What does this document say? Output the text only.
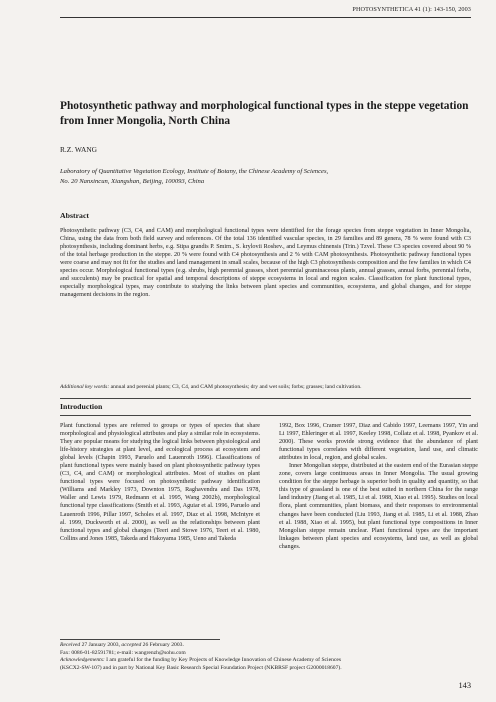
PHOTOSYNTHETICA 41 (1): 143-150, 2003
Photosynthetic pathway and morphological functional types in the steppe vegetation from Inner Mongolia, North China
R.Z. WANG
Laboratory of Quantitative Vegetation Ecology, Institute of Botany, the Chinese Academy of Sciences,
No. 20 Nanxincun, Xiangshan, Beijing, 100093, China
Abstract

Photosynthetic pathway (C3, C4, and CAM) and morphological functional types were identified for the forage species from steppe vegetation in Inner Mongolia, China, using the data from both field survey and references. Of the total 136 identified vascular species, in 29 families and 89 genera, 78 % were found with C3 photosynthesis, including dominant herbs, e.g. Stipa grandis P. Smirn., S. krylovii Roshev., and Leymus chinensis (Trin.) Tzvel. These C3 species covered about 90 % of the total herbage production in the steppe. 20 % were found with C4 photosynthesis and 2 % with CAM photosynthesis. Photosynthetic pathway functional types were coarse and may not fit for the studies and land management in small scales, because of the high C3 photosynthesis composition and the few families in which C4 species occur. Morphological functional types (e.g. shrubs, high perennial grasses, short perennial graminaceous plants, annual grasses, annual forbs, perennial forbs, and succulents) may be practical for spatial and temporal descriptions of steppe ecosystems in local and region scales. Classification for plant functional types, especially morphological types, may contribute to studying the links between plant species and communities, ecosystems, and global changes, and for steppe management decisions in the region.

Additional key words: annual and perenial plants; C3, C4, and CAM photosynthesis; dry and wet soils; forbs; grasses; land cultivation.
Introduction

Plant functional types are referred to groups or types of species that share morphological and physiological attributes and play a similar role in ecosystems. They are popular means for studying the logical links between physiological and life-history strategies at plant level, and ecological process at ecosystem and global levels (Chapin 1993, Paruelo and Lauenroth 1996). Classifications of plant functional types were mainly based on plant photosynthetic pathway types (C3, C4, and CAM) or morphological attributes. Most of studies on plant functional types were focused on photosynthetic pathway identification (Williams and Markley 1973, Downton 1975, Raghavendra and Das 1978, Waller and Lewis 1979, Redmann et al. 1995, Wang 2002b), morphological functional type classifications (Smith et al. 1993, Aguiar et al. 1996, Paruelo and Lauenroth 1996, Pillar 1997, Scholes et al. 1997, Diaz et al. 1998, McIntyre et al. 1999, Duckworth et al. 2000), as well as the relationships between plant functional types and global changes (Teeri and Stowe 1976, Teeri et al. 1980, Collins and Jones 1985, Takeda and Hakoyama 1985, Ueno and Takeda

1992, Box 1996, Cramer 1997, Diaz and Cabido 1997, Leemans 1997, Yin and Li 1997, Ehleringer et al. 1997, Keeley 1998, Collatz et al. 1998, Pyankov et al. 2000). These works provide strong evidence that the abundance of plant functional types correlates with different vegetation, land use, and climatic attributes in local, region, and global scales.

Inner Mongolian steppe, distributed at the eastern end of the Eurasian steppe zone, covers large continuous areas in Inner Mongolia. The usual growing condition for the steppe herbage is superior both in quality and quantity, so that this type of grassland is one of the best suited in northern China for the range land industry (Jiang et al. 1985, Li et al. 1988, Xiao et al. 1995). Studies on local flora, plant communities, plant biomass, and their responses to environmental changes have been conducted (Liu 1993, Jiang et al. 1985, Li et al. 1988, Zhao et al. 1988, Xiao et al. 1995), but plant functional type compositions in Inner Mongolian steppe remain unclear. Plant functional types are the important linkages between plant species and ecosystems, land use, as well as global changes.

Received 27 January 2003, accepted 26 February 2003.
Fax: 0086-01-82591781; e-mail: wangrenzh@sohu.com
Acknowledgements: I am grateful for the funding by Key Projects of Knowledge Innovation of Chinese Academy of Sciences
(KSCX2-SW-107) and in part by National Key Basic Research Special Foundation Project (NKBRSF project G2000018607).
143
